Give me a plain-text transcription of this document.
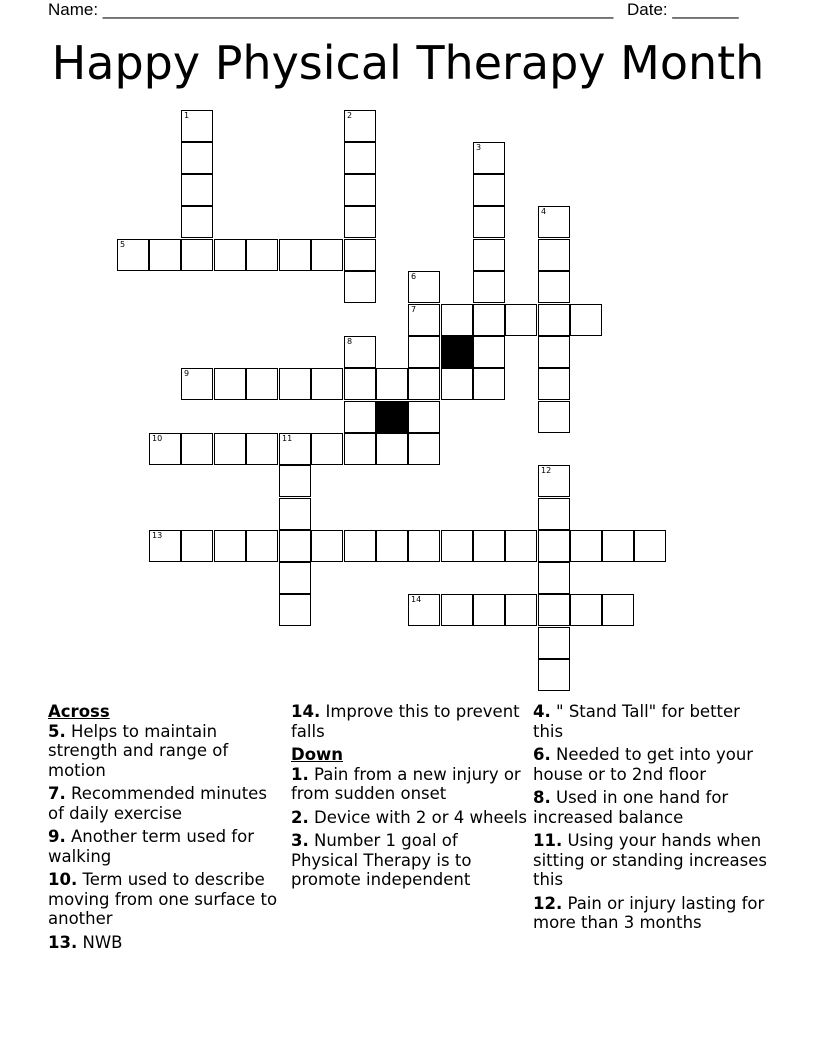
Name: ______________________________________________________ Date: _______
Happy Physical Therapy Month
1	2
3
4
5
6
7
8
9
10	11
12
13
14

Across

5. Helps to maintain strength and range of motion

7. Recommended minutes of daily exercise

9. Another term used for walking

10. Term used to describe moving from one surface to another

13. NWB

14. Improve this to prevent falls

Down

1. Pain from a new injury or from sudden onset

2. Device with 2 or 4 wheels

3. Number 1 goal of Physical Therapy is to promote independent

4. " Stand Tall" for better this

6. Needed to get into your house or to 2nd floor

8. Used in one hand for increased balance

11. Using your hands when sitting or standing increases this

12. Pain or injury lasting for more than 3 months
